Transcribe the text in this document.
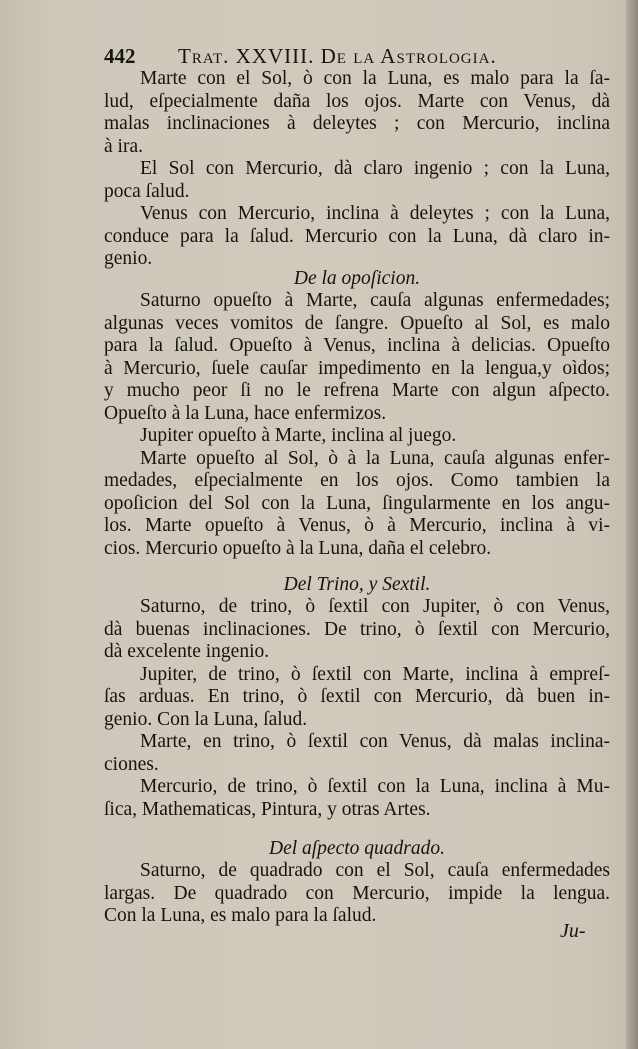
442 Trat. XXVIII. De la Astrologia.
Marte con el Sol, ò con la Luna, es malo para la ſa-
lud, eſpecialmente daña los ojos. Marte con Venus, dà
malas inclinaciones à deleytes ; con Mercurio, inclina
à ira.
El Sol con Mercurio, dà claro ingenio ; con la Luna,
poca ſalud.
Venus con Mercurio, inclina à deleytes ; con la Luna,
conduce para la ſalud. Mercurio con la Luna, dà claro in-
genio.
De la opoſicion.
Saturno opueſto à Marte, cauſa algunas enfermedades;
algunas veces vomitos de ſangre. Opueſto al Sol, es malo
para la ſalud. Opueſto à Venus, inclina à delicias. Opueſto
à Mercurio, ſuele cauſar impedimento en la lengua,y oìdos;
y mucho peor ſi no le refrena Marte con algun aſpecto.
Opueſto à la Luna, hace enfermizos.
Jupiter opueſto à Marte, inclina al juego.
Marte opueſto al Sol, ò à la Luna, cauſa algunas enfer-
medades, eſpecialmente en los ojos. Como tambien la
opoſicion del Sol con la Luna, ſingularmente en los angu-
los. Marte opueſto à Venus, ò à Mercurio, inclina à vi-
cios. Mercurio opueſto à la Luna, daña el celebro.
Del Trino, y Sextil.
Saturno, de trino, ò ſextil con Jupiter, ò con Venus,
dà buenas inclinaciones. De trino, ò ſextil con Mercurio,
dà excelente ingenio.
Jupiter, de trino, ò ſextil con Marte, inclina à empreſ-
ſas arduas. En trino, ò ſextil con Mercurio, dà buen in-
genio. Con la Luna, ſalud.
Marte, en trino, ò ſextil con Venus, dà malas inclina-
ciones.
Mercurio, de trino, ò ſextil con la Luna, inclina à Mu-
ſica, Mathematicas, Pintura, y otras Artes.
Del aſpecto quadrado.
Saturno, de quadrado con el Sol, cauſa enfermedades
largas. De quadrado con Mercurio, impide la lengua.
Con la Luna, es malo para la ſalud.
Ju-
